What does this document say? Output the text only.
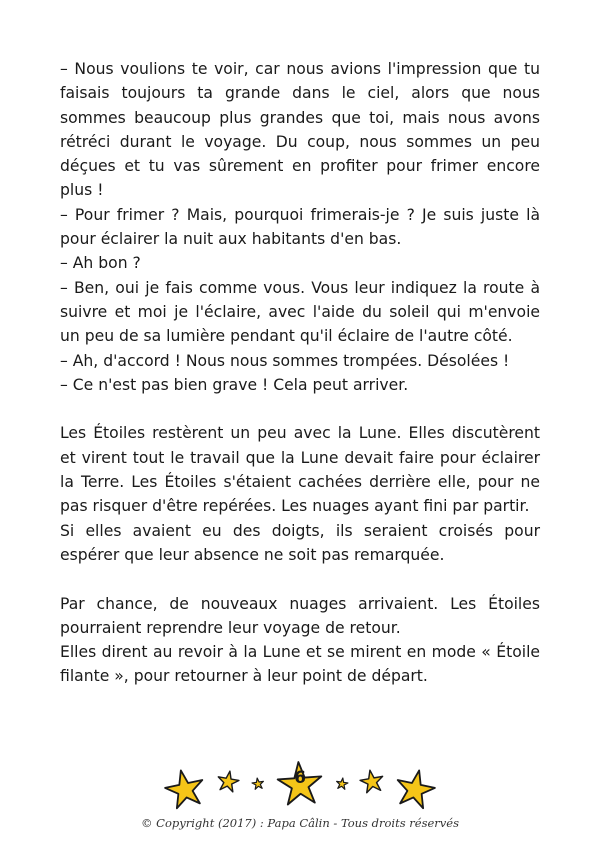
– Nous voulions te voir, car nous avions l'impression que tu faisais toujours ta grande dans le ciel, alors que nous sommes beaucoup plus grandes que toi, mais nous avons rétréci durant le voyage. Du coup, nous sommes un peu déçues et tu vas sûrement en profiter pour frimer encore plus !

– Pour frimer ? Mais, pourquoi frimerais-je ? Je suis juste là pour éclairer la nuit aux habitants d'en bas.

– Ah bon ?

– Ben, oui je fais comme vous. Vous leur indiquez la route à suivre et moi je l'éclaire, avec l'aide du soleil qui m'envoie un peu de sa lumière pendant qu'il éclaire de l'autre côté.

– Ah, d'accord ! Nous nous sommes trompées. Désolées !

– Ce n'est pas bien grave ! Cela peut arriver.

Les Étoiles restèrent un peu avec la Lune. Elles discutèrent et virent tout le travail que la Lune devait faire pour éclairer la Terre. Les Étoiles s'étaient cachées derrière elle, pour ne pas risquer d'être repérées. Les nuages ayant fini par partir.

Si elles avaient eu des doigts, ils seraient croisés pour espérer que leur absence ne soit pas remarquée.

Par chance, de nouveaux nuages arrivaient. Les Étoiles pourraient reprendre leur voyage de retour.

Elles dirent au revoir à la Lune et se mirent en mode « Étoile filante », pour retourner à leur point de départ.

6
© Copyright (2017) : Papa Câlin - Tous droits réservés
